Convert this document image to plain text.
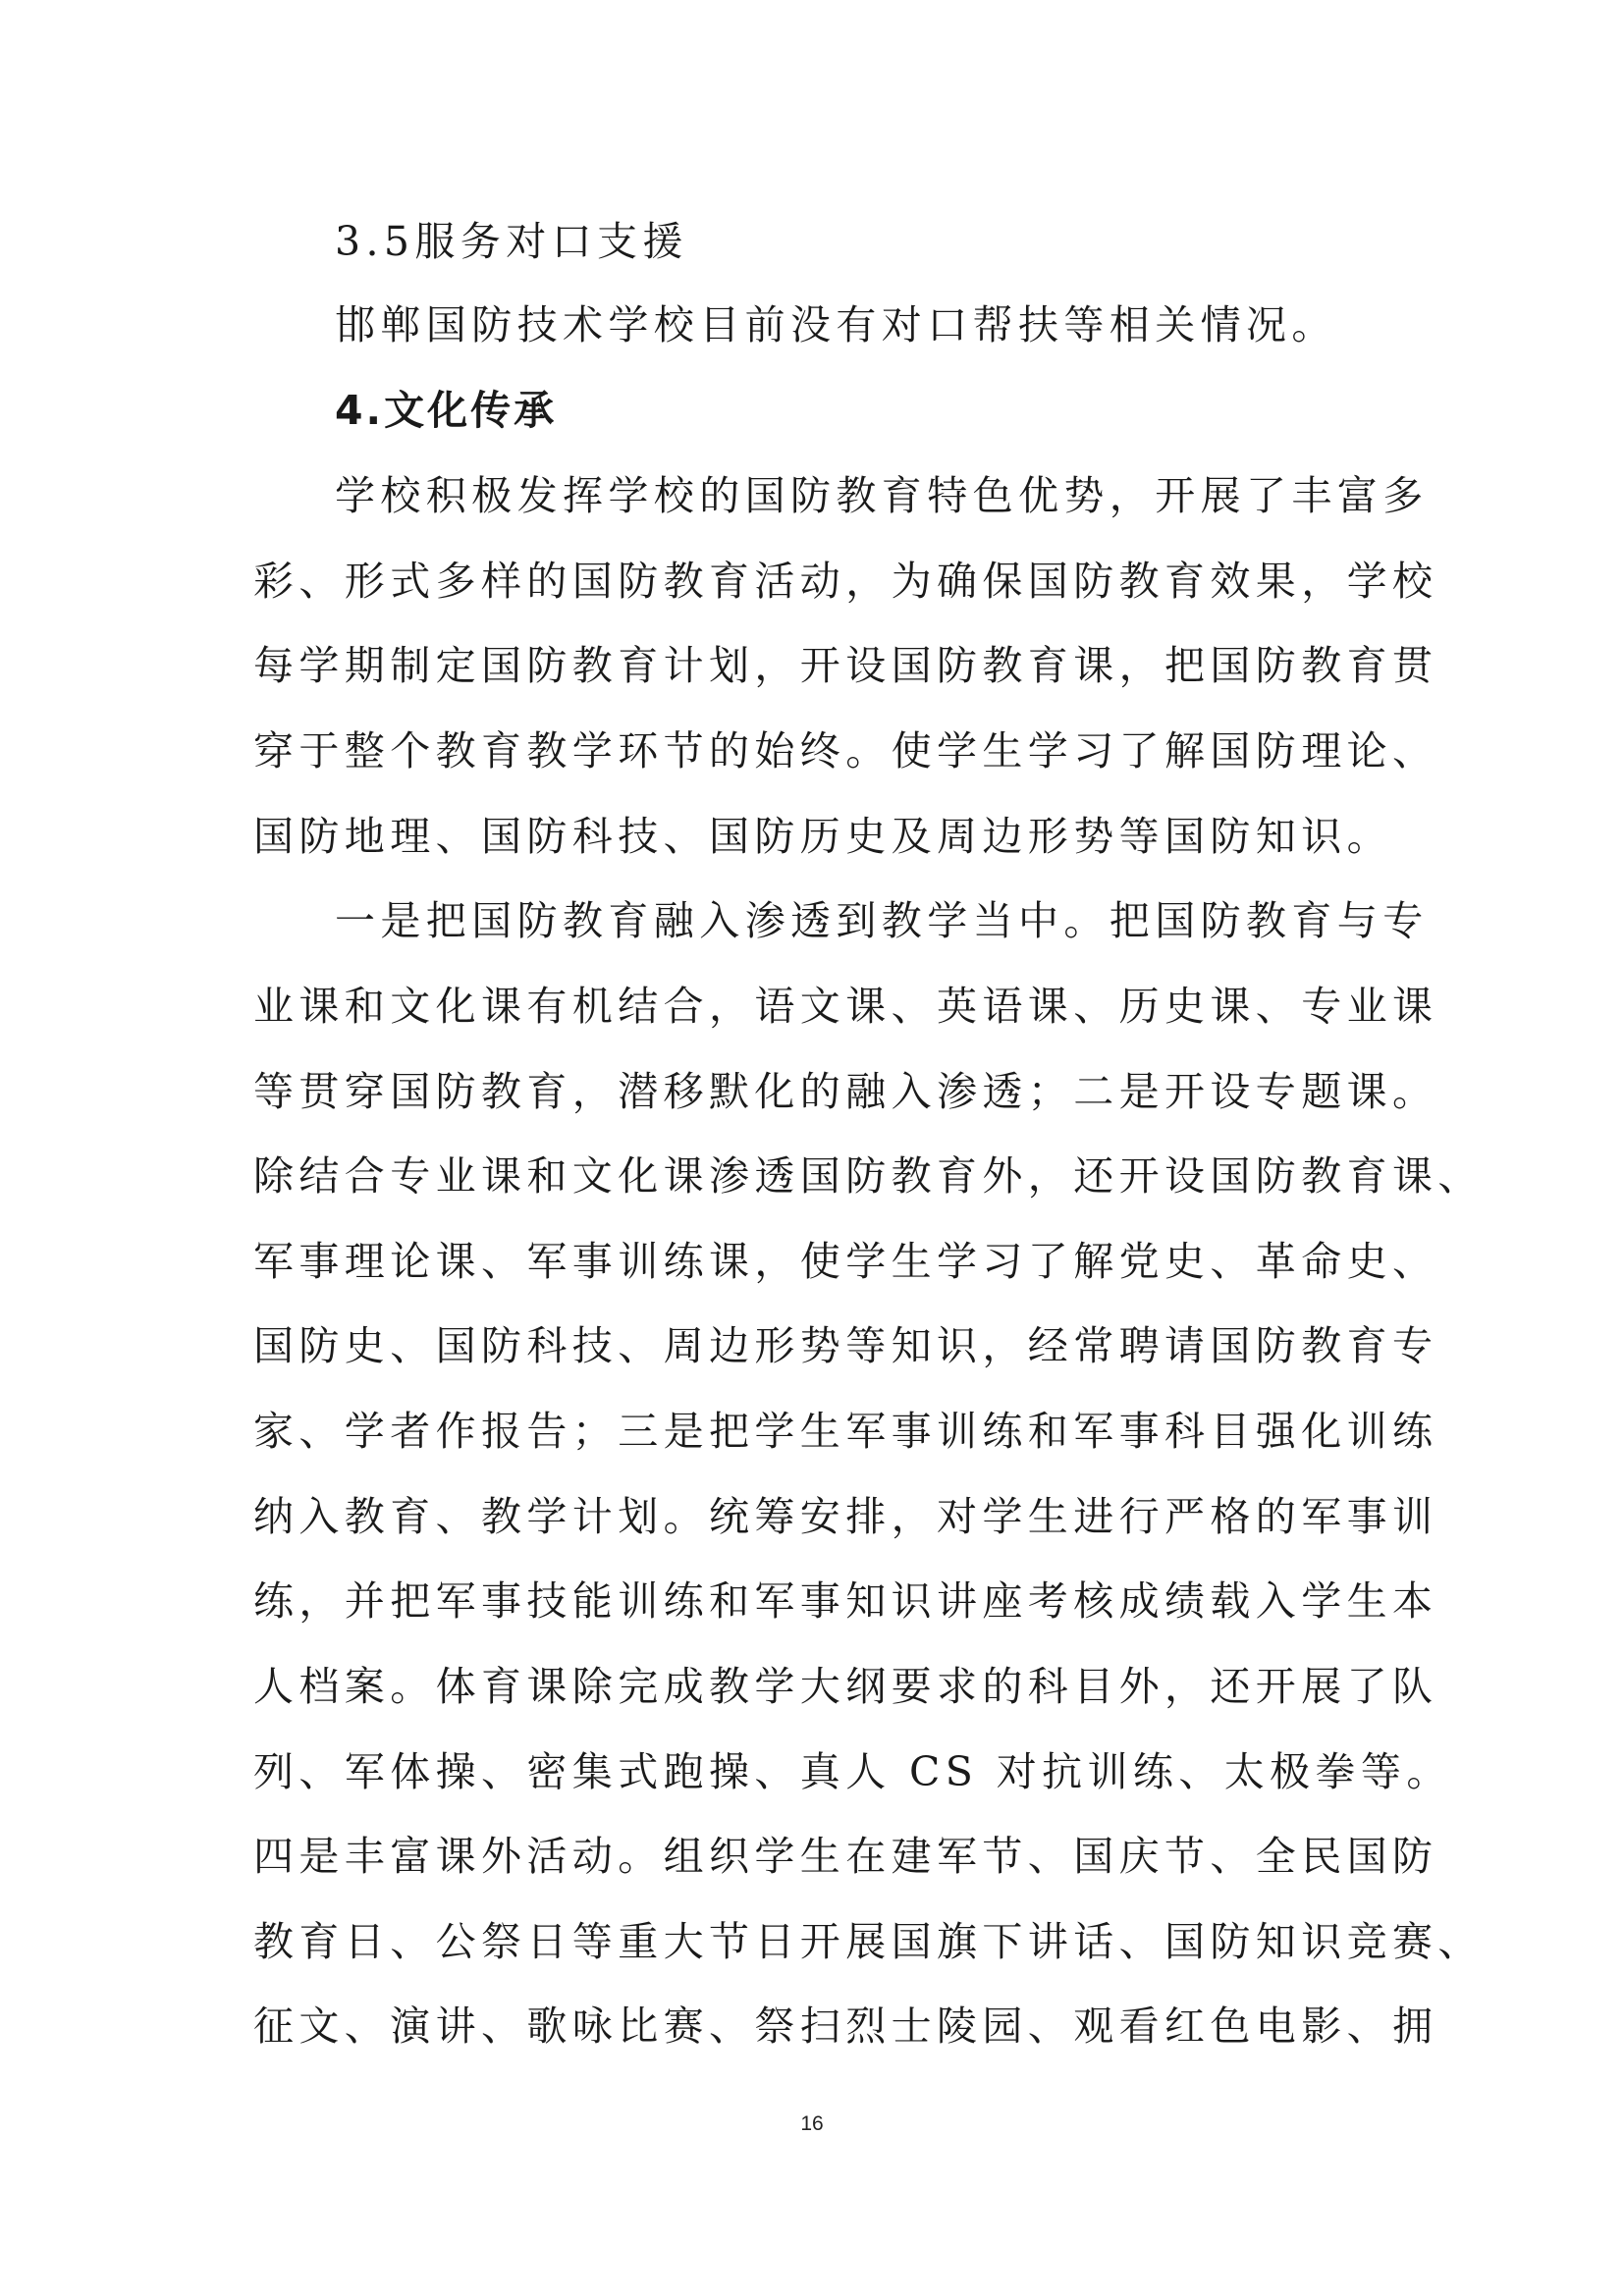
3.5服务对口支援
邯郸国防技术学校目前没有对口帮扶等相关情况。
4.文化传承
学校积极发挥学校的国防教育特色优势，开展了丰富多
彩、形式多样的国防教育活动，为确保国防教育效果，学校
每学期制定国防教育计划，开设国防教育课，把国防教育贯
穿于整个教育教学环节的始终。使学生学习了解国防理论、
国防地理、国防科技、国防历史及周边形势等国防知识。
一是把国防教育融入渗透到教学当中。把国防教育与专
业课和文化课有机结合，语文课、英语课、历史课、专业课
等贯穿国防教育，潜移默化的融入渗透；二是开设专题课。
除结合专业课和文化课渗透国防教育外，还开设国防教育课、
军事理论课、军事训练课，使学生学习了解党史、革命史、
国防史、国防科技、周边形势等知识，经常聘请国防教育专
家、学者作报告；三是把学生军事训练和军事科目强化训练
纳入教育、教学计划。统筹安排，对学生进行严格的军事训
练，并把军事技能训练和军事知识讲座考核成绩载入学生本
人档案。体育课除完成教学大纲要求的科目外，还开展了队
列、军体操、密集式跑操、真人 CS 对抗训练、太极拳等。
四是丰富课外活动。组织学生在建军节、国庆节、全民国防
教育日、公祭日等重大节日开展国旗下讲话、国防知识竞赛、
征文、演讲、歌咏比赛、祭扫烈士陵园、观看红色电影、拥
16
